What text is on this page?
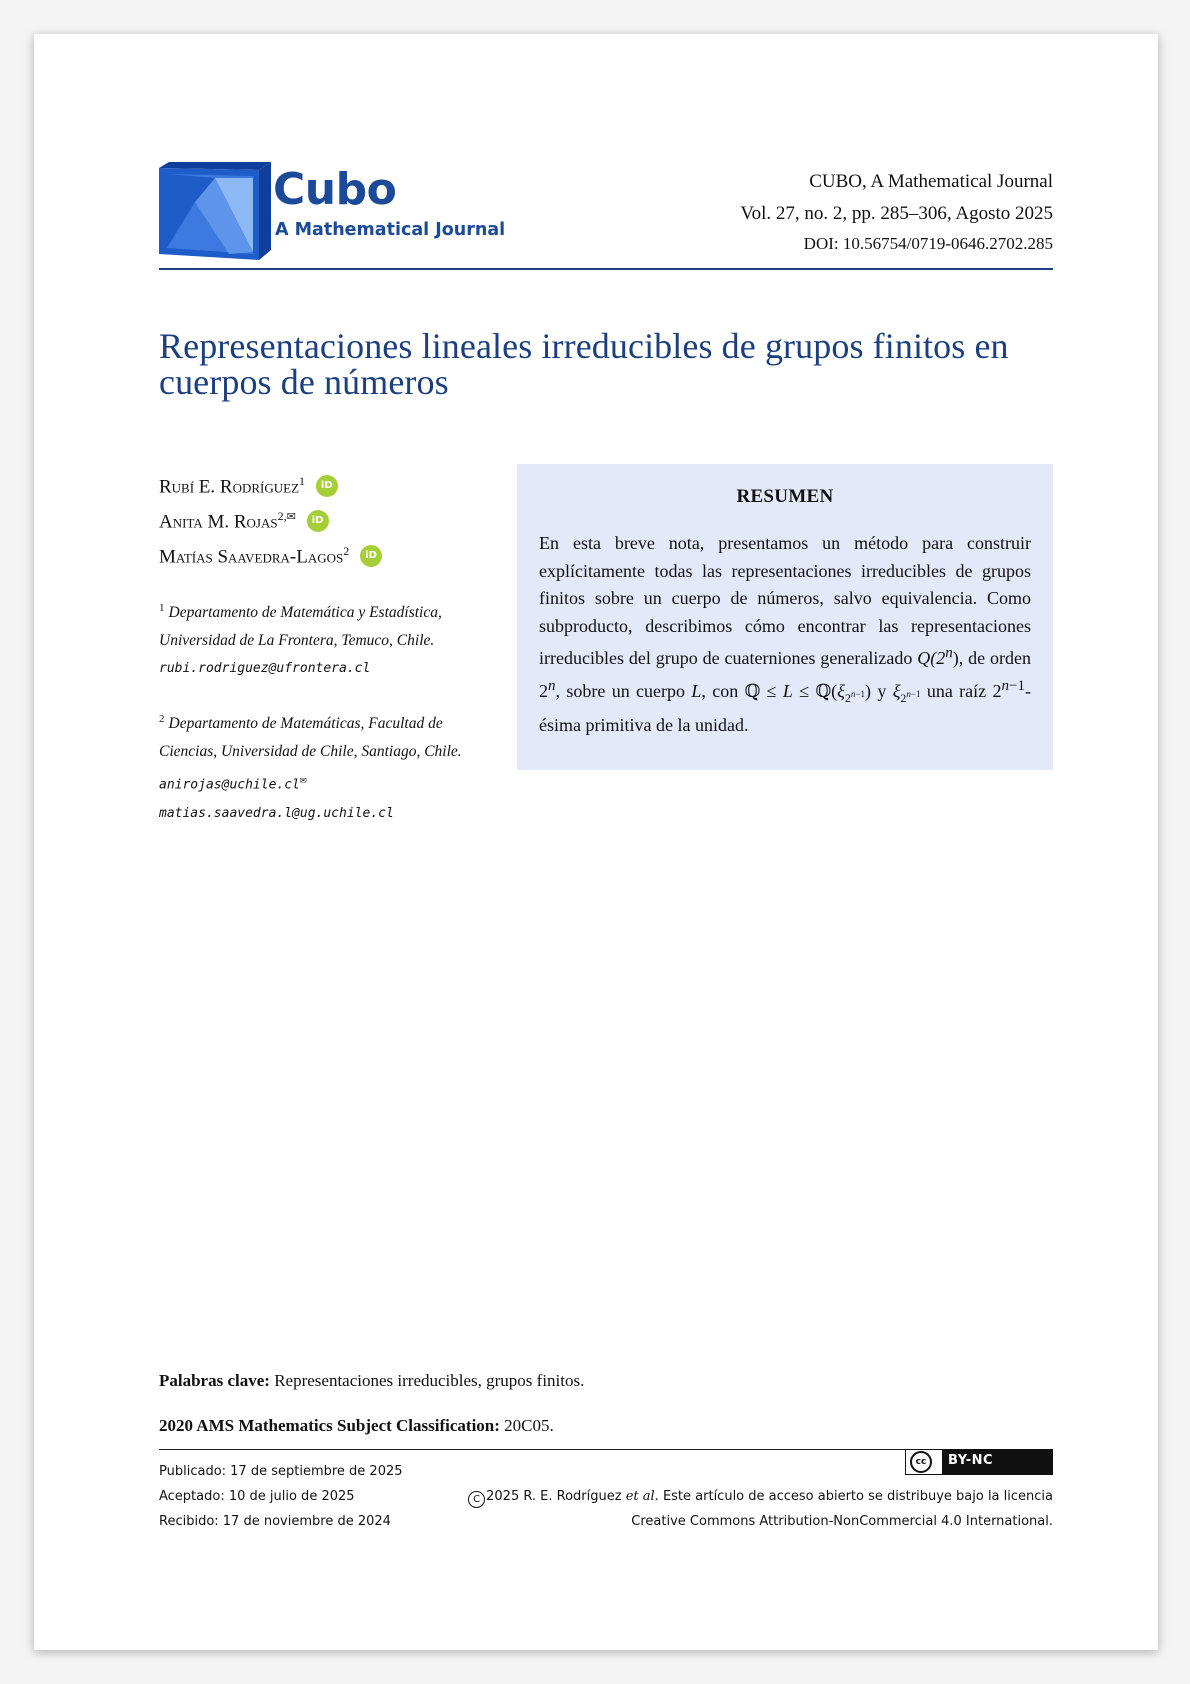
Cubo
A Mathematical Journal
CUBO, A Mathematical Journal
Vol. 27, no. 2, pp. 285–306, Agosto 2025
DOI: 10.56754/0719-0646.2702.285
Representaciones lineales irreducibles de grupos finitos en cuerpos de números
Rubí E. Rodríguez$^1$ iD
Anita M. Rojas$^{2,✉}$ iD
Matías Saavedra-Lagos$^2$ iD
$^1$ Departamento de Matemática y Estadística, Universidad de La Frontera, Temuco, Chile.
rubi.rodriguez@ufrontera.cl
$^2$ Departamento de Matemáticas, Facultad de Ciencias, Universidad de Chile, Santiago, Chile.
anirojas@uchile.cl✉
matias.saavedra.l@ug.uchile.cl
RESUMEN
En esta breve nota, presentamos un método para construir explícitamente todas las representaciones irreducibles de grupos finitos sobre un cuerpo de números, salvo equivalencia. Como subproducto, describimos cómo encontrar las representaciones irreducibles del grupo de cuaterniones generalizado Q(2$^n$), de orden 2$^n$, sobre un cuerpo L, con ℚ ≤ $L \le ℚ(\xi_{2^{n-1}})$ y $\xi_{2^{n-1}}$ una raíz $2^{n-1}$-ésima primitiva de la unidad.
Palabras clave: Representaciones irreducibles, grupos finitos.
2020 AMS Mathematics Subject Classification: 20C05.
Publicado: 17 de septiembre de 2025
Aceptado: 10 de julio de 2025
Recibido: 17 de noviembre de 2024
cc	BY-NC
C 2025 R. E. Rodríguez et al. Este artículo de acceso abierto se distribuye bajo la licencia
Creative Commons Attribution-NonCommercial 4.0 International.
